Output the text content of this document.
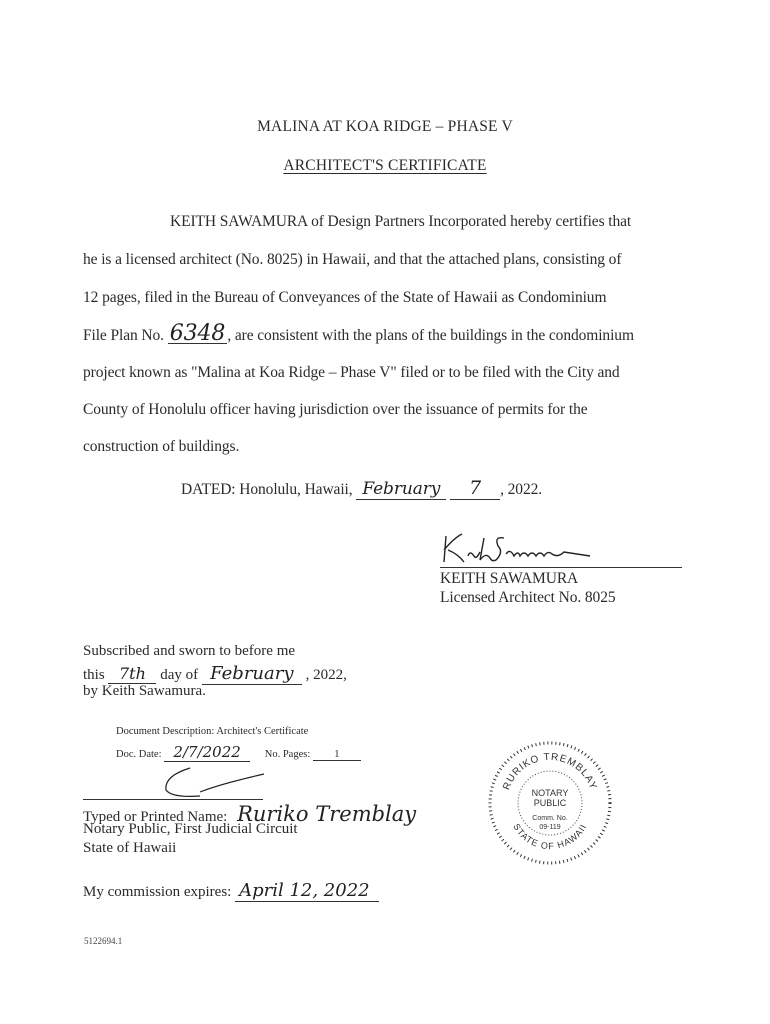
MALINA AT KOA RIDGE – PHASE V
ARCHITECT'S CERTIFICATE
KEITH SAWAMURA of Design Partners Incorporated hereby certifies that
he is a licensed architect (No. 8025) in Hawaii, and that the attached plans, consisting of
12 pages, filed in the Bureau of Conveyances of the State of Hawaii as Condominium
File Plan No. 6348 , are consistent with the plans of the buildings in the condominium
project known as "Malina at Koa Ridge – Phase V" filed or to be filed with the City and
County of Honolulu officer having jurisdiction over the issuance of permits for the
construction of buildings.
DATED: Honolulu, Hawaii, February 7 , 2022.
KEITH SAWAMURA
Licensed Architect No. 8025
Subscribed and sworn to before me
this 7th day of February , 2022,
by Keith Sawamura.
Document Description: Architect's Certificate
Doc. Date: 2/7/2022 No. Pages: 1
Typed or Printed Name: Ruriko Tremblay
Notary Public, First Judicial Circuit
State of Hawaii
My commission expires: April 12, 2022
RURIKO TREMBLAY
STATE OF HAWAII
NOTARY
PUBLIC
Comm. No.
09-119
5122694.1
